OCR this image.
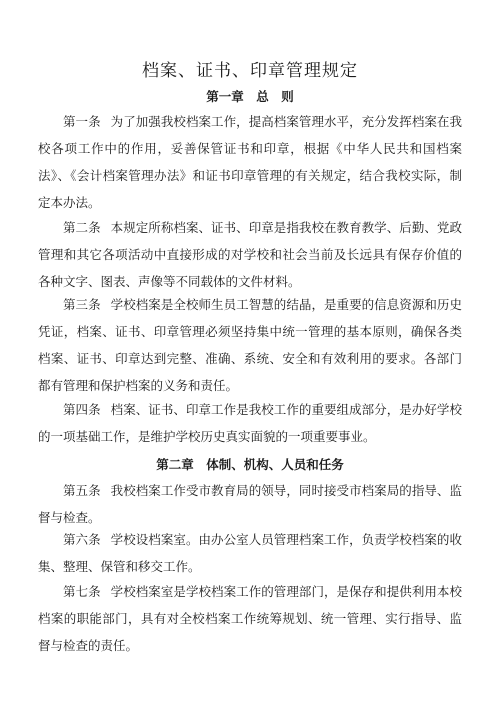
档案、证书、印章管理规定
第一章　总　则

第一条 为了加强我校档案工作，提高档案管理水平，充分发挥档案在我校各项工作中的作用，妥善保管证书和印章，根据《中华人民共和国档案法》、《会计档案管理办法》和证书印章管理的有关规定，结合我校实际，制定本办法。

第二条 本规定所称档案、证书、印章是指我校在教育教学、后勤、党政管理和其它各项活动中直接形成的对学校和社会当前及长远具有保存价值的各种文字、图表、声像等不同载体的文件材料。

第三条 学校档案是全校师生员工智慧的结晶，是重要的信息资源和历史凭证，档案、证书、印章管理必须坚持集中统一管理的基本原则，确保各类档案、证书、印章达到完整、准确、系统、安全和有效利用的要求。各部门都有管理和保护档案的义务和责任。

第四条 档案、证书、印章工作是我校工作的重要组成部分，是办好学校的一项基础工作，是维护学校历史真实面貌的一项重要事业。

第二章　体制、机构、人员和任务

第五条 我校档案工作受市教育局的领导，同时接受市档案局的指导、监督与检查。

第六条 学校设档案室。由办公室人员管理档案工作，负责学校档案的收集、整理、保管和移交工作。

第七条 学校档案室是学校档案工作的管理部门，是保存和提供利用本校档案的职能部门，具有对全校档案工作统筹规划、统一管理、实行指导、监督与检查的责任。
